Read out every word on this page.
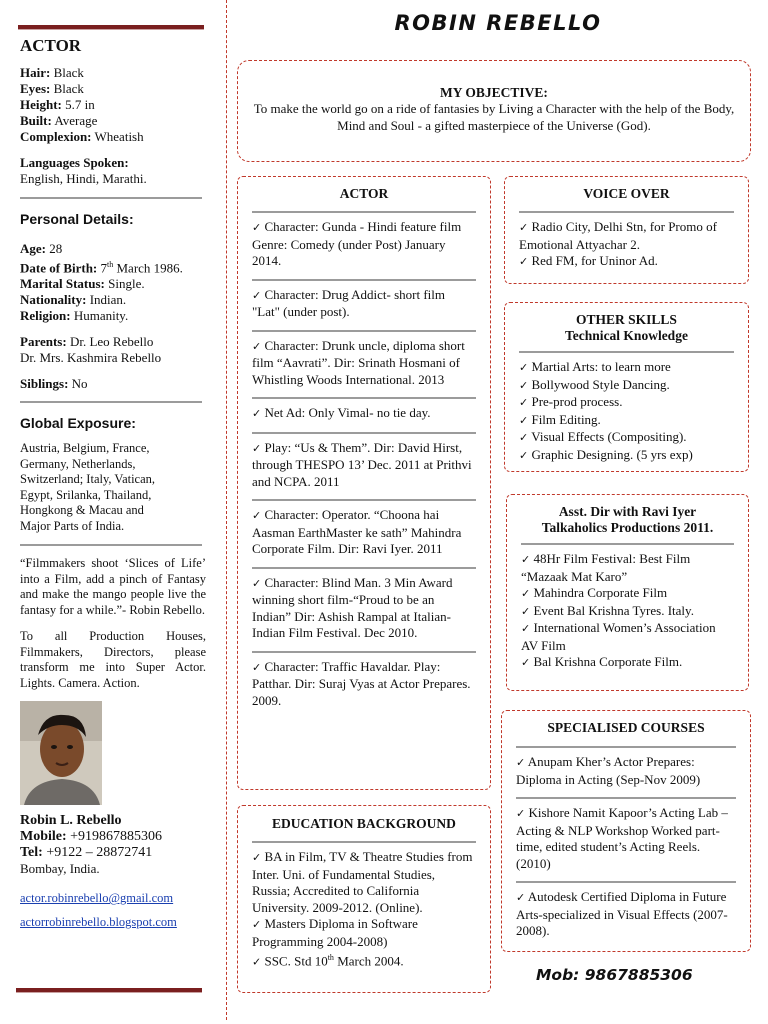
ACTOR
Hair: Black
Eyes: Black
Height: 5.7 in
Built: Average
Complexion: Wheatish
Languages Spoken:
English, Hindi, Marathi.
Personal Details:
Age: 28
Date of Birth: 7th March 1986.
Marital Status: Single.
Nationality: Indian.
Religion: Humanity.
Parents: Dr. Leo Rebello
Dr. Mrs. Kashmira Rebello
Siblings: No
Global Exposure:
Austria, Belgium, France,
Germany, Netherlands,
Switzerland; Italy, Vatican,
Egypt, Srilanka, Thailand,
Hongkong & Macau and
Major Parts of India.
“Filmmakers shoot ‘Slices of Life’ into a Film, add a pinch of Fantasy and make the mango people live the fantasy for a while.”- Robin Rebello.
To all Production Houses, Filmmakers, Directors, please transform me into Super Actor. Lights. Camera. Action.
Robin L. Rebello
Mobile: +919867885306
Tel: +9122 – 28872741
Bombay, India.
actor.robinrebello@gmail.com
actorrobinrebello.blogspot.com
ROBIN REBELLO
MY OBJECTIVE:
To make the world go on a ride of fantasies by Living a Character with the help of the Body, Mind and Soul - a gifted masterpiece of the Universe (God).
ACTOR
✓ Character: Gunda - Hindi feature film Genre: Comedy (under Post) January 2014.
✓ Character: Drug Addict- short film "Lat" (under post).
✓ Character: Drunk uncle, diploma short film “Aavrati”. Dir: Srinath Hosmani of Whistling Woods International. 2013
✓ Net Ad: Only Vimal- no tie day.
✓ Play: “Us & Them”. Dir: David Hirst, through THESPO 13’ Dec. 2011 at Prithvi and NCPA. 2011
✓ Character: Operator. “Choona hai Aasman EarthMaster ke sath” Mahindra Corporate Film. Dir: Ravi Iyer. 2011
✓ Character: Blind Man. 3 Min Award winning short film-“Proud to be an Indian” Dir: Ashish Rampal at Italian-Indian Film Festival. Dec 2010.
✓ Character: Traffic Havaldar. Play: Patthar. Dir: Suraj Vyas at Actor Prepares. 2009.
VOICE OVER
✓ Radio City, Delhi Stn, for Promo of Emotional Attyachar 2.
✓ Red FM, for Uninor Ad.
OTHER SKILLS
Technical Knowledge
✓ Martial Arts: to learn more
✓ Bollywood Style Dancing.
✓ Pre-prod process.
✓ Film Editing.
✓ Visual Effects (Compositing).
✓ Graphic Designing. (5 yrs exp)
Asst. Dir with Ravi Iyer
Talkaholics Productions 2011.
✓ 48Hr Film Festival: Best Film “Mazaak Mat Karo”
✓ Mahindra Corporate Film
✓ Event Bal Krishna Tyres. Italy.
✓ International Women’s Association AV Film
✓ Bal Krishna Corporate Film.
SPECIALISED COURSES
✓ Anupam Kher’s Actor Prepares: Diploma in Acting (Sep-Nov 2009)
✓ Kishore Namit Kapoor’s Acting Lab – Acting & NLP Workshop Worked part-time, edited student’s Acting Reels. (2010)
✓ Autodesk Certified Diploma in Future Arts-specialized in Visual Effects (2007-2008).
EDUCATION BACKGROUND
✓ BA in Film, TV & Theatre Studies from Inter. Uni. of Fundamental Studies, Russia; Accredited to California University. 2009-2012. (Online).
✓ Masters Diploma in Software Programming 2004-2008)
✓ SSC. Std 10th March 2004.
Mob: 9867885306
